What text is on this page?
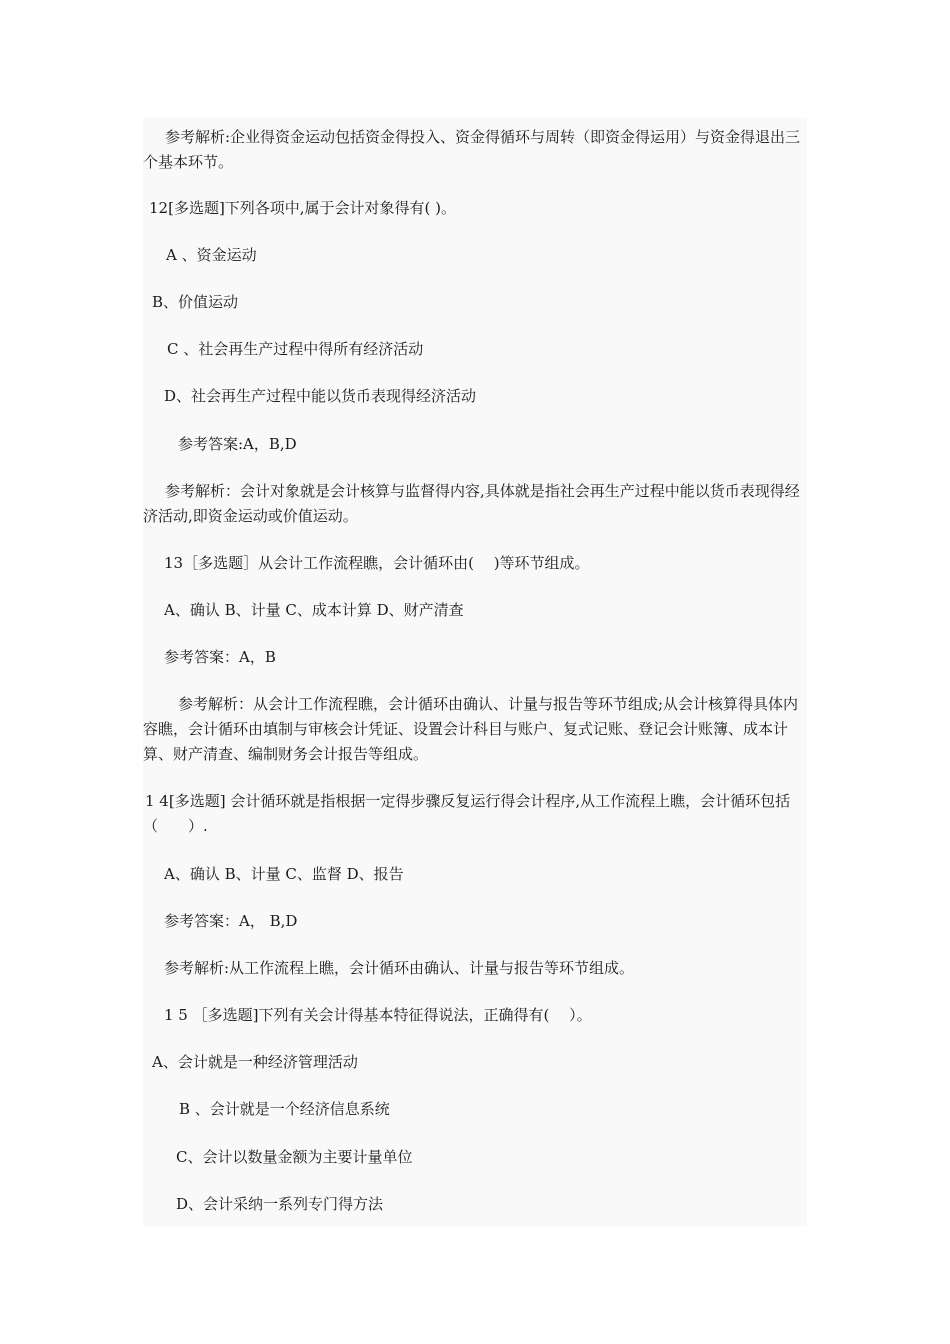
参考解析:企业得资金运动包括资金得投入、资金得循环与周转（即资金得运用）与资金得退出三个基本环节。

12[多选题]下列各项中,属于会计对象得有( )。

A 、资金运动

B、价值运动

C 、社会再生产过程中得所有经济活动

D、社会再生产过程中能以货币表现得经济活动

参考答案:A，B,D

参考解析：会计对象就是会计核算与监督得内容,具体就是指社会再生产过程中能以货币表现得经济活动,即资金运动或价值运动。

13［多选题］从会计工作流程瞧，会计循环由(　 )等环节组成。

A、确认 B、计量 C、成本计算 D、财产清查

参考答案：A，B

参考解析：从会计工作流程瞧，会计循环由确认、计量与报告等环节组成;从会计核算得具体内容瞧，会计循环由填制与审核会计凭证、设置会计科目与账户、复式记账、登记会计账簿、成本计算、财产清查、编制财务会计报告等组成。

1 4[多选题] 会计循环就是指根据一定得步骤反复运行得会计程序,从工作流程上瞧，会计循环包括（　　）.

A、确认 B、计量 C、监督 D、报告

参考答案：A， B,D

参考解析:从工作流程上瞧，会计循环由确认、计量与报告等环节组成。

1 5 ［多选题]下列有关会计得基本特征得说法，正确得有(　 ）。

A、会计就是一种经济管理活动

B 、会计就是一个经济信息系统

C、会计以数量金额为主要计量单位

D、会计采纳一系列专门得方法
